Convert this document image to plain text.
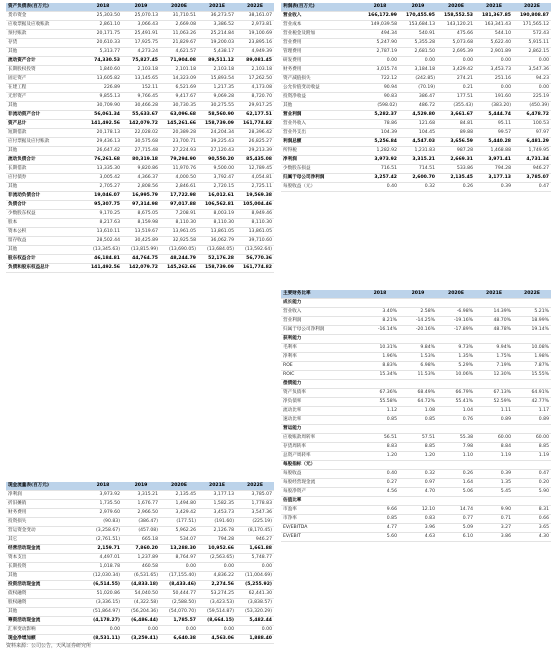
资产负债表(百万元)	2018	2019	2020E	2021E	2022E
货币资金	25,303.50	25,070.13	31,710.51	36,273.57	38,161.07
应收票据及应收账款	2,861.10	3,066.43	2,669.08	3,386.52	2,973.81
预付账款	20,171.75	25,491.91	11,063.26	25,214.84	19,100.69
存货	20,610.33	17,925.75	21,829.67	19,200.03	23,895.16
其他	5,313.77	4,273.24	4,621.57	5,438.17	4,949.39
流动资产合计	74,330.53	75,827.45	71,904.08	89,511.12	89,081.45
长期股权投资	1,840.60	2,103.18	2,101.18	2,103.18	2,103.18
固定资产	13,605.82	13,145.65	14,323.09	15,893.54	17,262.50
在建工程	226.89	152.11	6,521.69	1,217.35	4,173.08
无形资产	9,855.13	9,766.45	9,417.67	9,069.28	8,720.70
其他	30,709.90	30,466.28	30,730.35	30,275.55	29,917.25
非流动资产合计	56,061.34	55,633.67	63,096.68	58,560.90	62,177.51
资产总计	141,492.56	142,079.72	145,261.66	158,739.09	161,774.82
短期借款	20,178.13	22,028.02	20,389.28	24,204.34	28,396.42
应付票据及应付账款	29,436.13	30,575.68	23,700.71	39,225.43	26,825.27
其他	26,647.42	27,715.48	27,224.93	27,120.43	29,213.39
流动负债合计	76,261.68	80,319.18	79,294.90	90,550.20	85,435.08
长期借款	13,335.30	9,820.86	11,970.76	9,500.00	12,789.45
应付债券	3,005.42	4,366.37	4,000.50	3,792.47	4,054.81
其他	2,705.27	2,808.56	2,846.61	2,720.15	2,725.11
非流动负债合计	19,046.07	16,995.79	17,722.98	16,012.61	19,569.38
负债合计	95,307.75	97,314.98	97,017.88	106,562.81	105,004.46
少数股东权益	9,170.25	8,675.05	7,208.91	8,003.19	8,949.46
股本	8,217.63	8,159.98	8,110.30	8,110.30	8,110.30
资本公积	13,610.11	13,519.67	13,961.05	13,861.05	13,861.05
留存收益	28,502.44	30,425.89	32,925.58	36,062.79	39,710.60
其他	(13,345.63)	(13,815.99)	(13,690.05)	(13,684.05)	(13,592.64)
股东权益合计	46,184.81	44,764.75	48,244.79	52,176.28	56,770.36
负债和股东权益总计	141,492.56	142,079.72	145,262.66	158,739.09	161,774.82
利润表(百万元)	2018	2019	2020E	2021E	2022E
营业收入	166,172.99	170,455.95	158,552.53	181,367.85	190,808.87
营业成本	149,039.58	153,684.13	143,120.21	163,341.43	171,565.12
营业税金及附加	494.34	540.91	475.66	544.10	572.43
营业费用	5,247.90	5,355.28	5,073.68	5,622.40	5,915.11
管理费用	2,787.19	2,681.50	2,695.39	2,901.89	2,862.15
研发费用	0.00	0.00	0.00	0.00	0.00
财务费用	3,015.74	3,184.18	3,429.42	3,453.73	3,547.36
资产减值损失	722.12	(242.85)	274.21	251.16	94.23
公允价值变动收益	90.94	(70.19)	0.21	0.00	0.00
投资净收益	90.83	386.47	177.51	191.60	225.19
其他	(598.02)	486.72	(355.43)	(383.20)	(450.39)
营业利润	5,282.37	4,529.80	3,661.67	5,444.74	6,478.72
营业外收入	78.86	121.68	84.81	95.11	100.53
营业外支出	104.39	104.45	89.88	99.57	97.97
利润总额	5,256.84	4,547.03	3,656.59	5,440.28	6,481.29
所得税	1,282.92	1,231.83	987.28	1,468.88	1,749.95
净利润	3,973.92	3,315.21	2,669.31	3,971.41	4,731.34
少数股东损益	716.51	714.51	533.86	794.28	946.27
归属于母公司净利润	3,257.42	2,600.70	2,135.45	3,177.13	3,785.07
每股收益（元）	0.40	0.32	0.26	0.39	0.47
主要财务比率	2018	2019	2020E	2021E	2022E
成长能力					
营业收入	3.40%	2.58%	-6.98%	14.39%	5.21%
营业利润	8.21%	-14.25%	-19.16%	48.70%	18.99%
归属于母公司净利润	-16.14%	-20.16%	-17.89%	48.78%	19.14%
获利能力					
毛利率	10.31%	9.84%	9.73%	9.94%	10.08%
净利率	1.96%	1.53%	1.35%	1.75%	1.98%
ROE	8.83%	6.98%	5.29%	7.19%	7.87%
ROIC	15.34%	11.53%	10.06%	12.30%	15.55%
偿债能力					
资产负债率	67.36%	68.49%	66.79%	67.13%	64.91%
净负债率	55.58%	64.72%	55.41%	52.59%	42.77%
流动比率	1.12	1.08	1.04	1.11	1.17
速动比率	0.85	0.85	0.76	0.89	0.89
营运能力					
应收账款周转率	56.51	57.51	55.38	60.00	60.00
存货周转率	8.83	8.85	7.98	8.84	8.85
总资产周转率	1.20	1.20	1.10	1.19	1.19
每股指标（元）					
每股收益	0.40	0.32	0.26	0.39	0.47
每股经营现金流	0.27	0.97	1.64	1.35	0.20
每股净资产	4.56	4.70	5.06	5.45	5.90
估值比率					
市盈率	9.66	12.10	14.74	9.90	8.31
市净率	0.85	0.83	0.77	0.71	0.66
EV/EBITDA	4.77	3.96	5.09	3.27	3.65
EV/EBIT	5.60	4.63	6.10	3.86	4.30
现金流量表(百万元)	2018	2019	2020E	2021E	2022E
净利润	3,973.92	3,315.21	2,135.45	3,177.13	3,785.07
折旧摊销	1,735.50	1,676.77	1,494.80	1,582.35	1,778.83
财务费用	2,979.60	2,966.50	3,429.42	3,453.73	3,547.36
投资损失	(90.83)	(386.47)	(177.51)	(191.60)	(225.19)
营运资金变动	(3,258.67)	(457.08)	5,962.26	2,126.78	(8,170.45)
其它	(2,761.51)	665.18	534.07	794.28	946.27
经营活动现金流	2,159.71	7,860.20	13,288.30	10,952.66	1,661.88
资本支出	4,497.01	1,237.89	8,764.97	(2,563.65)	5,748.77
长期投资	1,018.78	460.58	0.00	0.00	0.00
其他	(12,030.34)	(6,531.65)	(17,155.40)	4,836.22	(11,004.69)
投资活动现金流	(6,514.55)	(4,833.18)	(8,433.46)	2,274.56	(5,255.92)
债权融资	51,020.86	54,040.50	50,444.77	53,274.25	62,441.30
股权融资	(3,336.15)	(4,322.58)	(2,588.50)	(3,423.53)	(3,838.57)
其他	(51,864.97)	(56,204.36)	(54,070.70)	(59,514.87)	(53,320.29)
筹资活动现金流	(4,178.27)	(6,486.44)	1,785.57	(8,664.15)	5,482.44
汇率变动影响	0.00	0.00	0.00	0.00	0.00
现金净增加额	(8,531.11)	(3,259.41)	6,640.38	4,563.06	1,888.40
资料来源：公司公告，天风证券研究所
